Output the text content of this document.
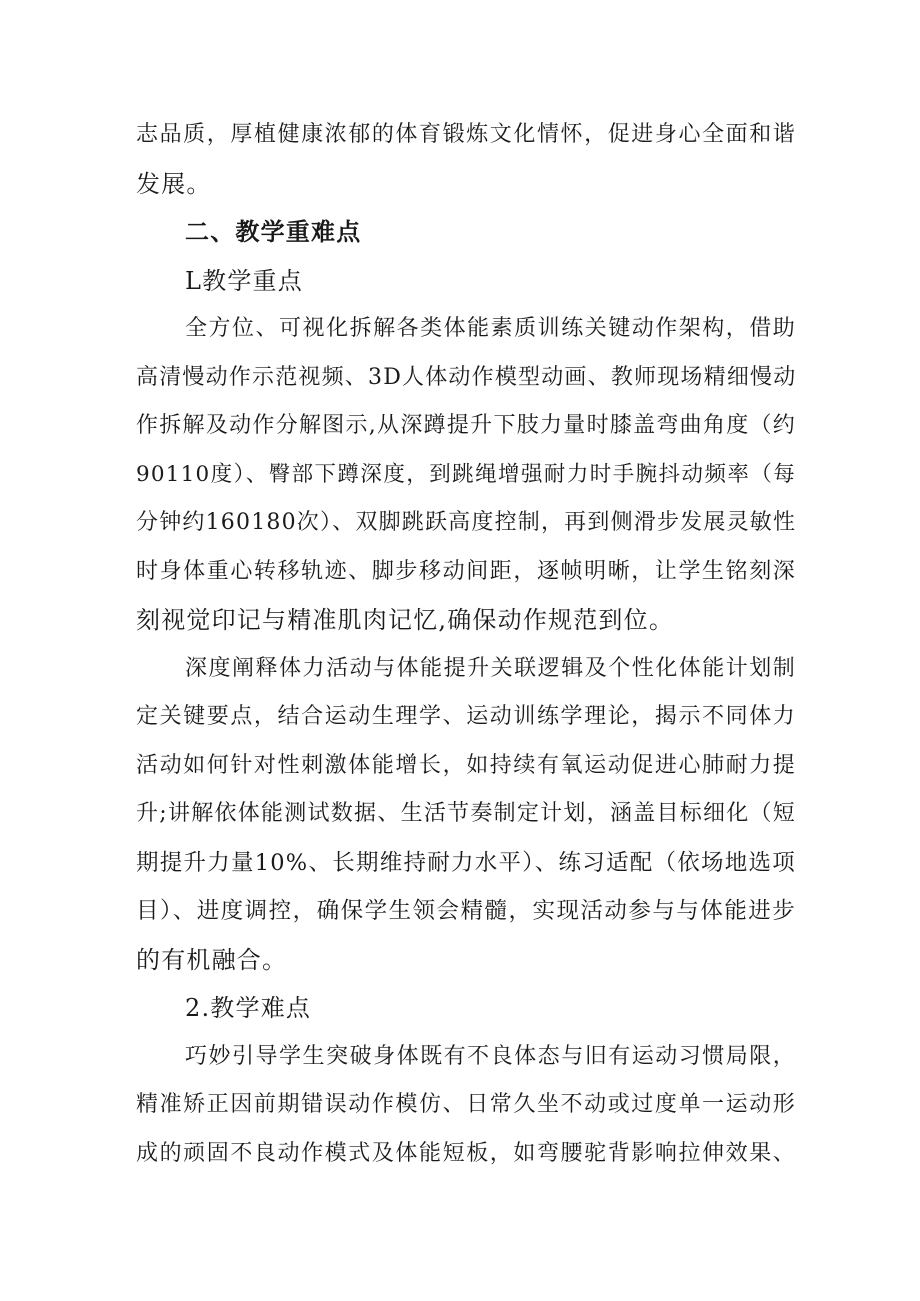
志品质，厚植健康浓郁的体育锻炼文化情怀，促进身心全面和谐
发展。
二、教学重难点
L教学重点
全方位、可视化拆解各类体能素质训练关键动作架构，借助
高清慢动作示范视频、3D人体动作模型动画、教师现场精细慢动
作拆解及动作分解图示,从深蹲提升下肢力量时膝盖弯曲角度（约
90110度）、臀部下蹲深度，到跳绳增强耐力时手腕抖动频率（每
分钟约160180次）、双脚跳跃高度控制，再到侧滑步发展灵敏性
时身体重心转移轨迹、脚步移动间距，逐帧明晰，让学生铭刻深
刻视觉印记与精准肌肉记忆,确保动作规范到位。
深度阐释体力活动与体能提升关联逻辑及个性化体能计划制
定关键要点，结合运动生理学、运动训练学理论，揭示不同体力
活动如何针对性刺激体能增长，如持续有氧运动促进心肺耐力提
升;讲解依体能测试数据、生活节奏制定计划，涵盖目标细化（短
期提升力量10%、长期维持耐力水平）、练习适配（依场地选项
目）、进度调控，确保学生领会精髓，实现活动参与与体能进步
的有机融合。
2.教学难点
巧妙引导学生突破身体既有不良体态与旧有运动习惯局限，
精准矫正因前期错误动作模仿、日常久坐不动或过度单一运动形
成的顽固不良动作模式及体能短板，如弯腰驼背影响拉伸效果、
